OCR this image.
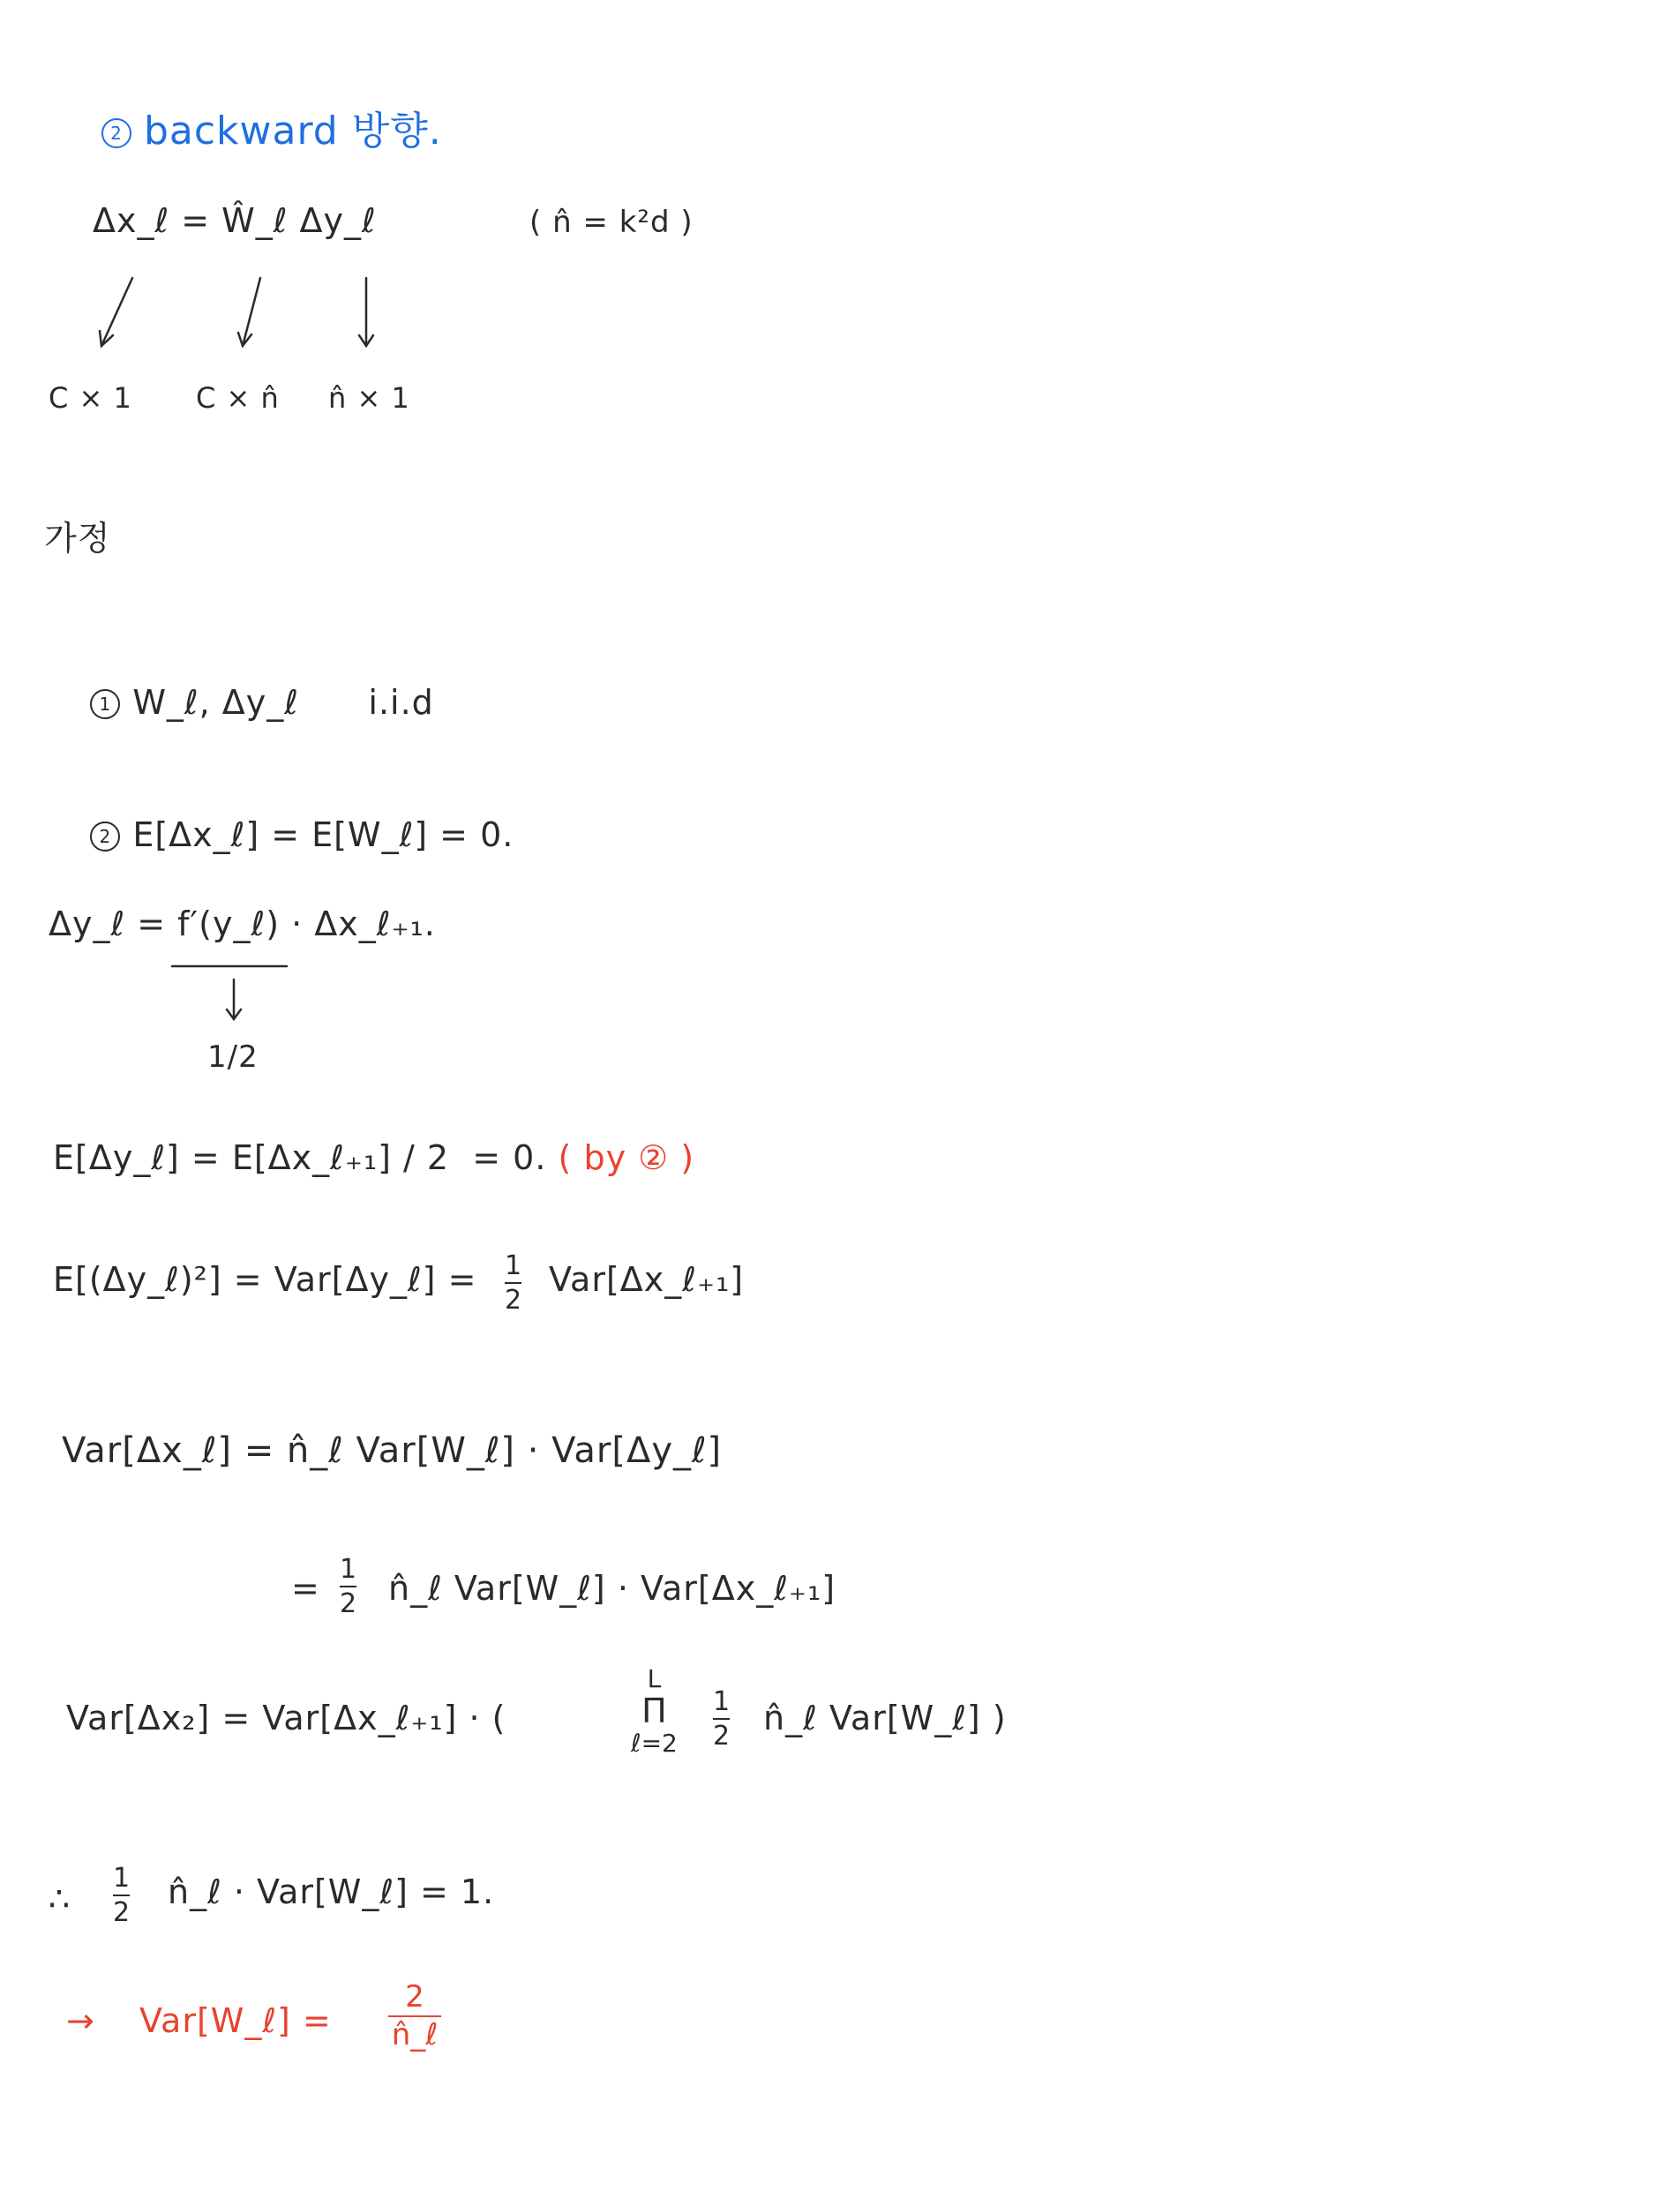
2 backward 방향.

Δx_ℓ = Ŵ_ℓ Δy_ℓ	( n̂ = k²d )
C × 1 C × n̂ n̂ × 1
가정

1 W_ℓ, Δy_ℓ      i.i.d

2 E[Δx_ℓ] = E[W_ℓ] = 0.

Δy_ℓ = f′(y_ℓ) · Δx_ℓ₊₁.
1/2
E[Δy_ℓ] = E[Δx_ℓ₊₁] / 2  = 0. ( by ② )
E[(Δy_ℓ)²] = Var[Δy_ℓ] = 1
2
Var[Δx_ℓ₊₁]
Var[Δx_ℓ] = n̂_ℓ Var[W_ℓ] · Var[Δy_ℓ]
= 1
2 n̂_ℓ Var[W_ℓ] · Var[Δx_ℓ₊₁]
Var[Δx₂] = Var[Δx_ℓ₊₁] · (
L
Π
ℓ=2
1
2 n̂_ℓ Var[W_ℓ] )
∴
1
2
n̂_ℓ · Var[W_ℓ] = 1.
→ Var[W_ℓ] =
2
n̂_ℓ
